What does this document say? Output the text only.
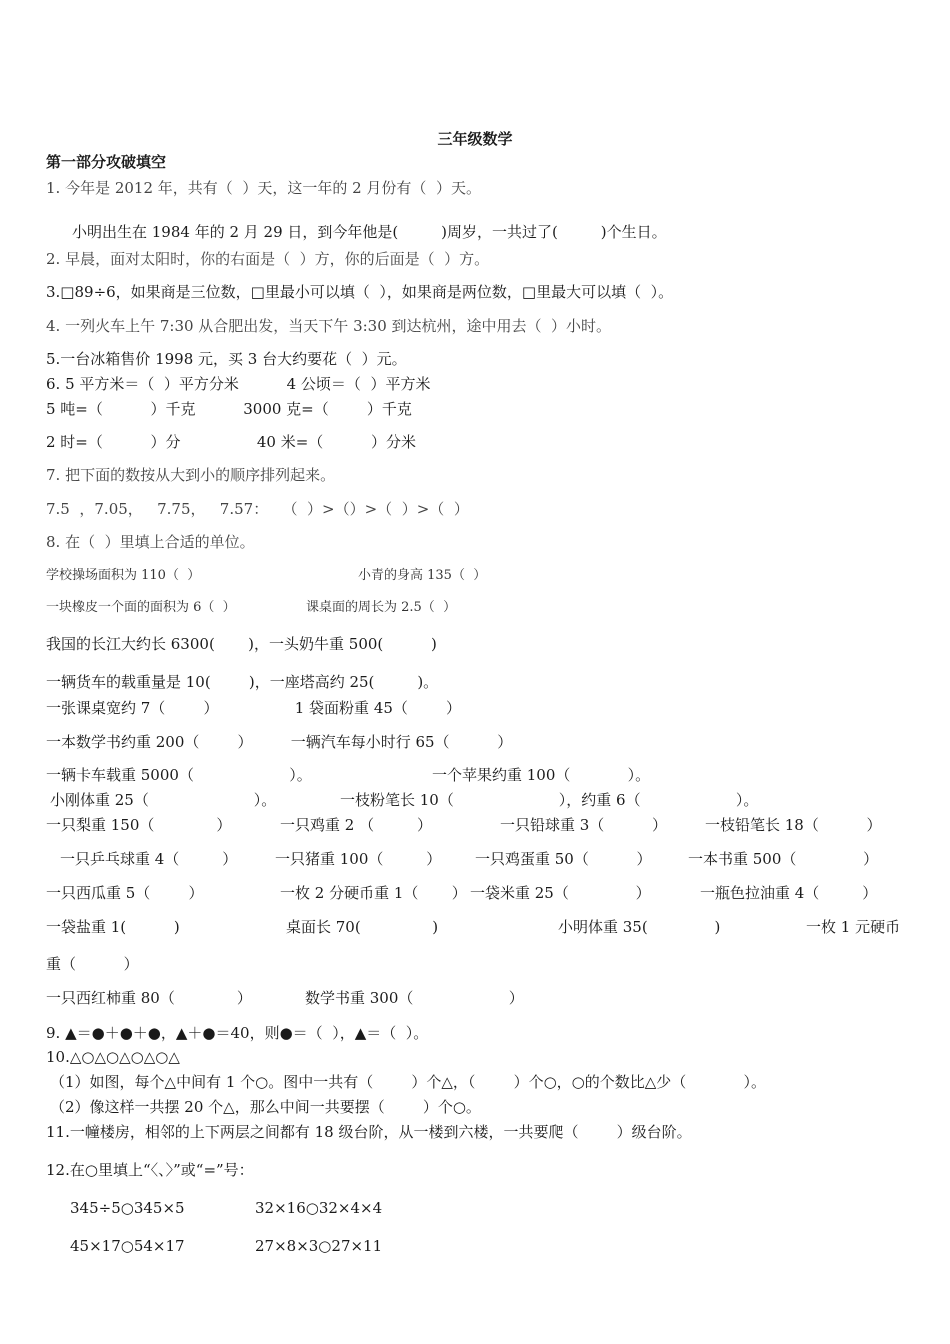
三年级数学
第一部分攻破填空
1. 今年是 2012 年，共有（  ）天，这一年的 2 月份有（  ）天。
小明出生在 1984 年的 2 月 29 日，到今年他是(         )周岁，一共过了(         )个生日。
2. 早晨，面对太阳时，你的右面是（  ）方，你的后面是（  ）方。
3.□89÷6，如果商是三位数，□里最小可以填（  ），如果商是两位数，□里最大可以填（  ）。
4. 一列火车上午 7:30 从合肥出发，当天下午 3:30 到达杭州，途中用去（  ）小时。
5.一台冰箱售价 1998 元，买 3 台大约要花（  ）元。
6. 5 平方米＝（  ）平方分米          4 公顷＝（  ）平方米
5 吨=（          ）千克          3000 克=（        ）千克
2 时=（          ）分                40 米=（          ）分米
7. 把下面的数按从大到小的顺序排列起来。
7.5  ，7.05，   7.75，   7.57：   （  ）>（）>（  ）>（  ）
8. 在（  ）里填上合适的单位。
学校操场面积为 110（  ）	小青的身高 135（  ）
一块橡皮一个面的面积为 6（  ）	课桌面的周长为 2.5（  ）
我国的长江大约长 6300(       )，一头奶牛重 500(          )
一辆货车的载重量是 10(        )，一座塔高约 25(         )。
一张课桌宽约 7（        ）                1 袋面粉重 45（        ）
一本数学书约重 200（        ）        一辆汽车每小时行 65（          ）
一辆卡车载重 5000（                    ）。	一个苹果约重 100（            ）。
小刚体重 25（                      ）。	一枝粉笔长 10（                      ），约重 6（                    ）。
一只梨重 150（             ）	一只鸡重 2 （         ）	一只铅球重 3（          ）	一枝铅笔长 18（          ）
一只乒乓球重 4（         ）	一只猪重 100（         ） 一只鸡蛋重 50（          ） 一本书重 500（              ）
一只西瓜重 5（        ）	一枚 2 分硬币重 1（       ） 一袋米重 25（              ）	一瓶色拉油重 4（         ）
一袋盐重 1(          )	桌面长 70(               )	小明体重 35(              )	一枚 1 元硬币
重（          ）
一只西红柿重 80（             ）	数学书重 300（                    ）
9. ▲＝●＋●＋●，▲＋●＝40，则●＝（  ），▲＝（  ）。
10.△○△○△○△○△
（1）如图，每个△中间有 1 个○。图中一共有（        ）个△，（        ）个○，○的个数比△少（            ）。
（2）像这样一共摆 20 个△，那么中间一共要摆（        ）个○。
11.一幢楼房，相邻的上下两层之间都有 18 级台阶，从一楼到六楼，一共要爬（        ）级台阶。
12.在○里填上“〈、〉”或“=”号：
345÷5○345×5	32×16○32×4×4
45×17○54×17	27×8×3○27×11
